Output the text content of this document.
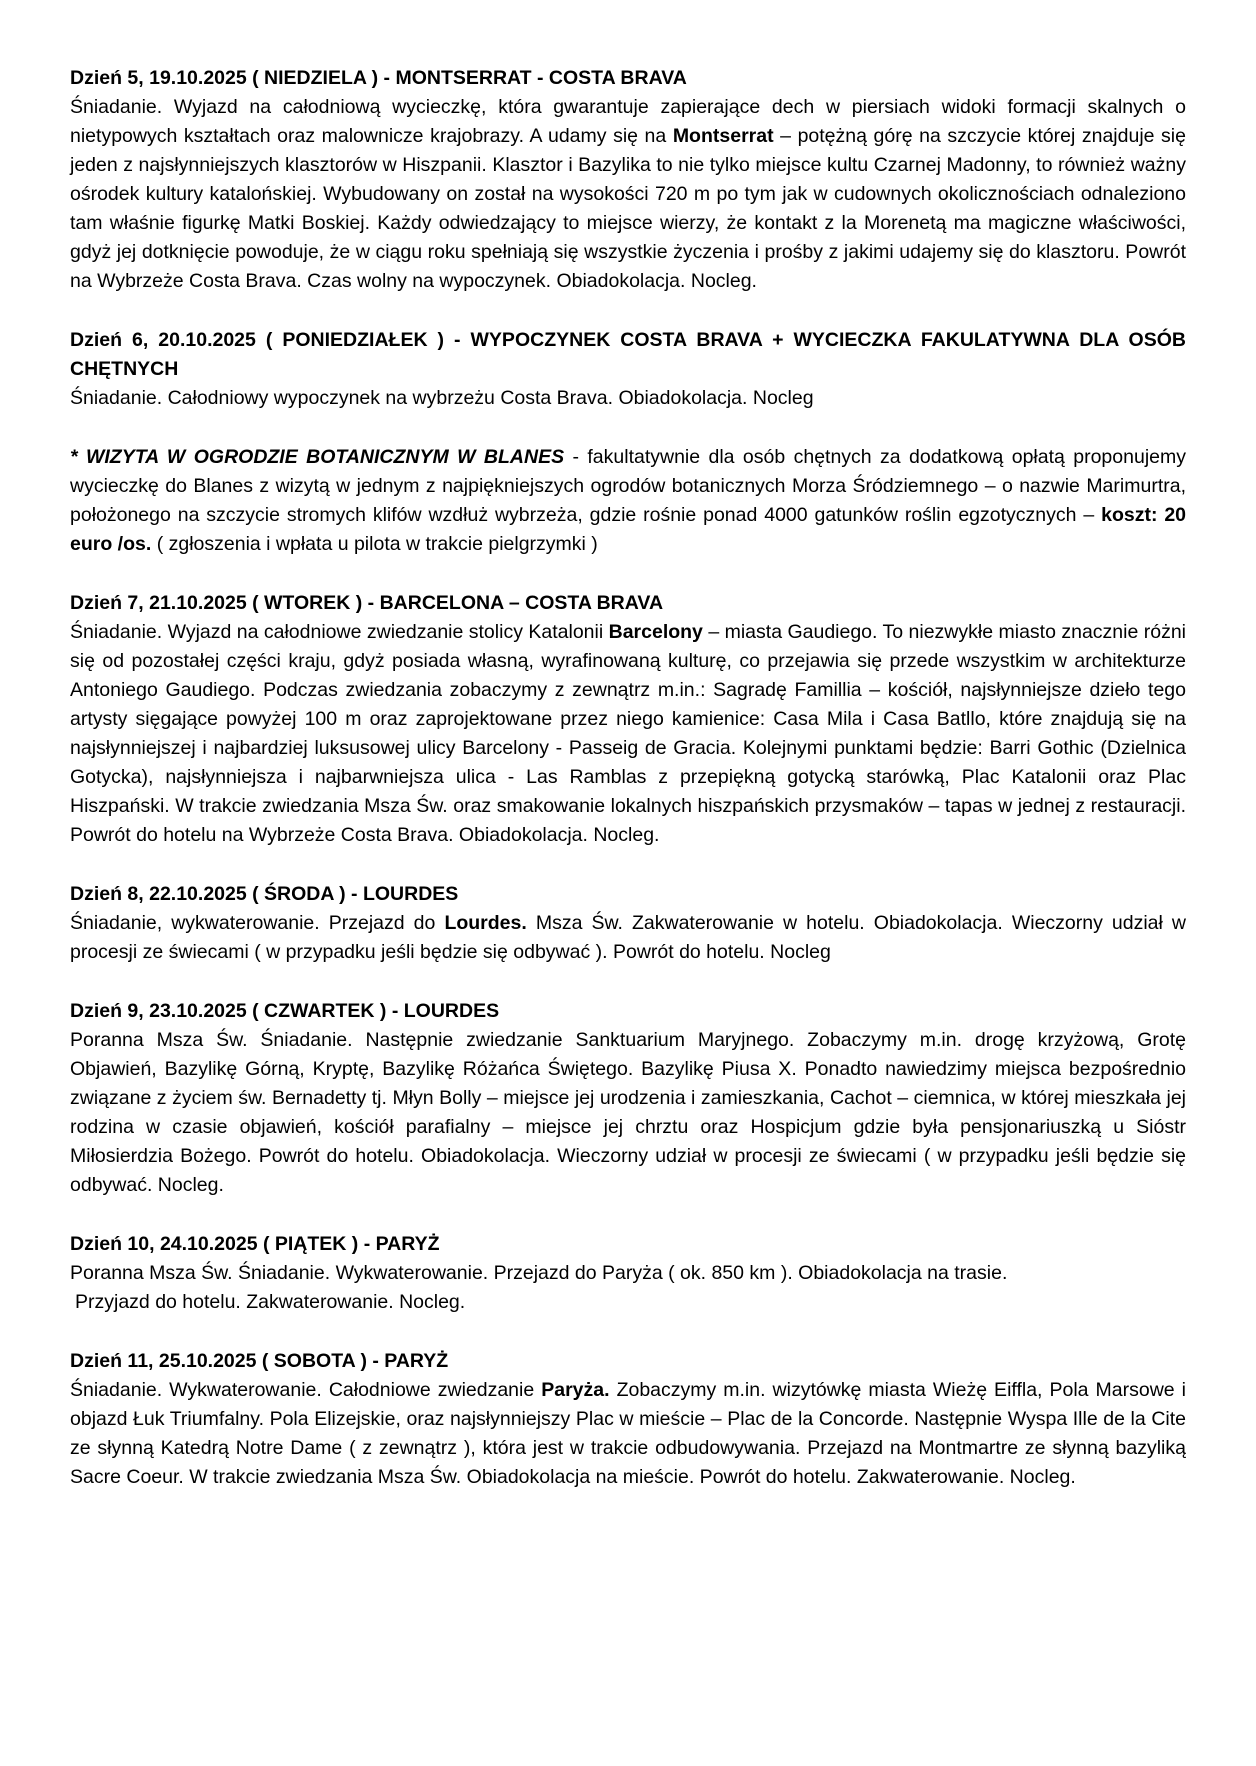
Dzień 5, 19.10.2025 ( NIEDZIELA ) - MONTSERRAT - COSTA BRAVA
Śniadanie. Wyjazd na całodniową wycieczkę, która gwarantuje zapierające dech w piersiach widoki formacji skalnych o nietypowych kształtach oraz malownicze krajobrazy. A udamy się na Montserrat – potężną górę na szczycie której znajduje się jeden z najsłynniejszych klasztorów w Hiszpanii. Klasztor i Bazylika to nie tylko miejsce kultu Czarnej Madonny, to również ważny ośrodek kultury katalońskiej. Wybudowany on został na wysokości 720 m po tym jak w cudownych okolicznościach odnaleziono tam właśnie figurkę Matki Boskiej. Każdy odwiedzający to miejsce wierzy, że kontakt z la Morenetą ma magiczne właściwości, gdyż jej dotknięcie powoduje, że w ciągu roku spełniają się wszystkie życzenia i prośby z jakimi udajemy się do klasztoru. Powrót na Wybrzeże Costa Brava. Czas wolny na wypoczynek. Obiadokolacja. Nocleg.
Dzień 6, 20.10.2025 ( PONIEDZIAŁEK ) - WYPOCZYNEK COSTA BRAVA + WYCIECZKA FAKULATYWNA DLA OSÓB CHĘTNYCH
Śniadanie. Całodniowy wypoczynek na wybrzeżu Costa Brava. Obiadokolacja. Nocleg
* WIZYTA W OGRODZIE BOTANICZNYM W BLANES - fakultatywnie dla osób chętnych za dodatkową opłatą proponujemy wycieczkę do Blanes z wizytą w jednym z najpiękniejszych ogrodów botanicznych Morza Śródziemnego – o nazwie Marimurtra, położonego na szczycie stromych klifów wzdłuż wybrzeża, gdzie rośnie ponad 4000 gatunków roślin egzotycznych – koszt: 20 euro /os. ( zgłoszenia i wpłata u pilota w trakcie pielgrzymki )
Dzień 7, 21.10.2025 ( WTOREK ) - BARCELONA – COSTA BRAVA
Śniadanie. Wyjazd na całodniowe zwiedzanie stolicy Katalonii Barcelony – miasta Gaudiego. To niezwykłe miasto znacznie różni się od pozostałej części kraju, gdyż posiada własną, wyrafinowaną kulturę, co przejawia się przede wszystkim w architekturze Antoniego Gaudiego. Podczas zwiedzania zobaczymy z zewnątrz m.in.: Sagradę Famillia – kościół, najsłynniejsze dzieło tego artysty sięgające powyżej 100 m oraz zaprojektowane przez niego kamienice: Casa Mila i Casa Batllo, które znajdują się na najsłynniejszej i najbardziej luksusowej ulicy Barcelony - Passeig de Gracia. Kolejnymi punktami będzie: Barri Gothic (Dzielnica Gotycka), najsłynniejsza i najbarwniejsza ulica - Las Ramblas z przepiękną gotycką starówką, Plac Katalonii oraz Plac Hiszpański. W trakcie zwiedzania Msza Św. oraz smakowanie lokalnych hiszpańskich przysmaków – tapas w jednej z restauracji. Powrót do hotelu na Wybrzeże Costa Brava. Obiadokolacja. Nocleg.
Dzień 8, 22.10.2025 ( ŚRODA ) - LOURDES
Śniadanie, wykwaterowanie. Przejazd do Lourdes. Msza Św. Zakwaterowanie w hotelu. Obiadokolacja. Wieczorny udział w procesji ze świecami ( w przypadku jeśli będzie się odbywać ). Powrót do hotelu. Nocleg
Dzień 9, 23.10.2025 ( CZWARTEK ) - LOURDES
Poranna Msza Św. Śniadanie. Następnie zwiedzanie Sanktuarium Maryjnego. Zobaczymy m.in. drogę krzyżową, Grotę Objawień, Bazylikę Górną, Kryptę, Bazylikę Różańca Świętego. Bazylikę Piusa X. Ponadto nawiedzimy miejsca bezpośrednio związane z życiem św. Bernadetty tj. Młyn Bolly – miejsce jej urodzenia i zamieszkania, Cachot – ciemnica, w której mieszkała jej rodzina w czasie objawień, kościół parafialny – miejsce jej chrztu oraz Hospicjum gdzie była pensjonariuszką u Sióstr Miłosierdzia Bożego. Powrót do hotelu. Obiadokolacja. Wieczorny udział w procesji ze świecami ( w przypadku jeśli będzie się odbywać. Nocleg.
Dzień 10, 24.10.2025 ( PIĄTEK ) - PARYŻ
Poranna Msza Św. Śniadanie. Wykwaterowanie. Przejazd do Paryża ( ok. 850 km ). Obiadokolacja na trasie.
Przyjazd do hotelu. Zakwaterowanie. Nocleg.
Dzień 11, 25.10.2025 ( SOBOTA ) - PARYŻ
Śniadanie. Wykwaterowanie. Całodniowe zwiedzanie Paryża. Zobaczymy m.in. wizytówkę miasta Wieżę Eiffla, Pola Marsowe i objazd Łuk Triumfalny. Pola Elizejskie, oraz najsłynniejszy Plac w mieście – Plac de la Concorde. Następnie Wyspa Ille de la Cite ze słynną Katedrą Notre Dame ( z zewnątrz ), która jest w trakcie odbudowywania. Przejazd na Montmartre ze słynną bazyliką Sacre Coeur. W trakcie zwiedzania Msza Św. Obiadokolacja na mieście. Powrót do hotelu. Zakwaterowanie. Nocleg.
